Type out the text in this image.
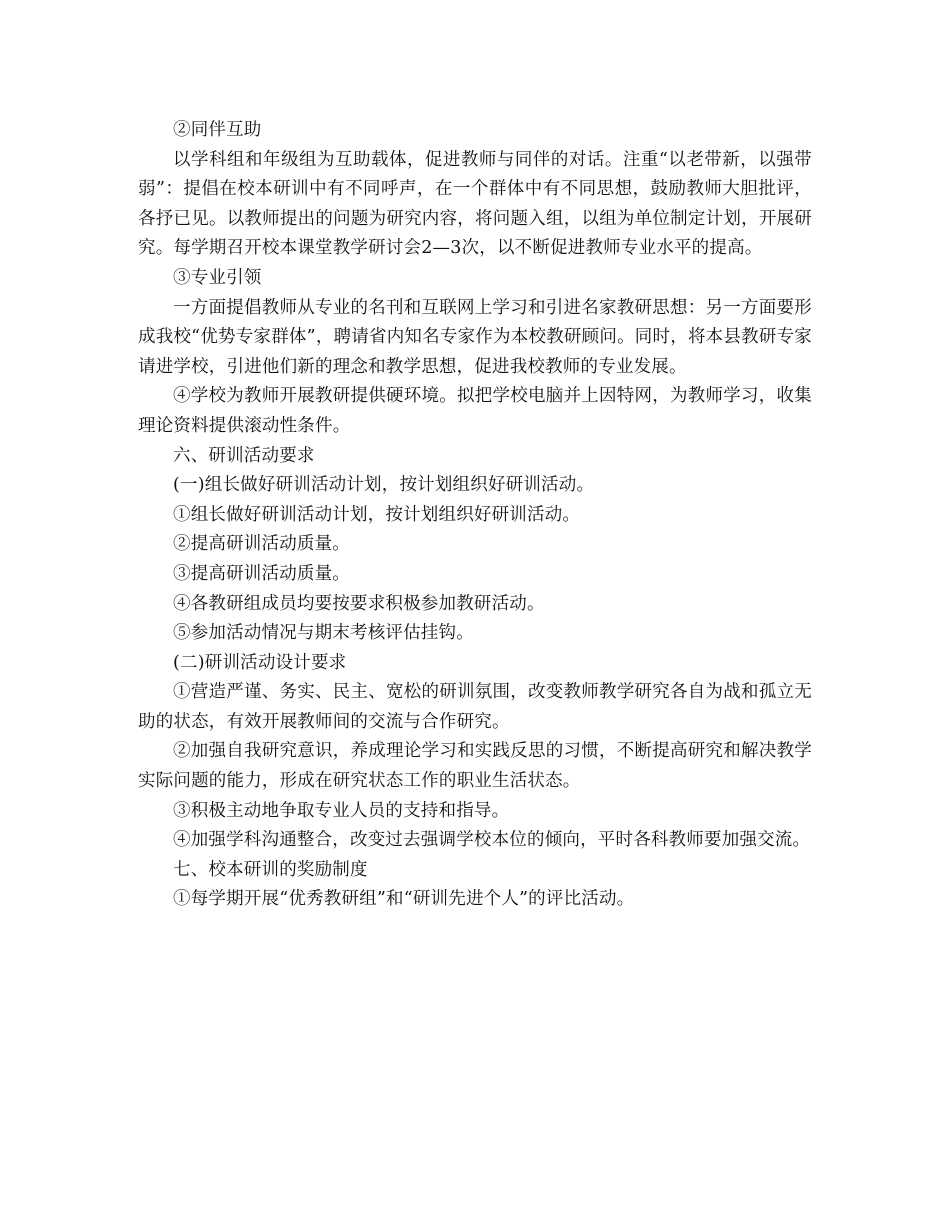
②同伴互助

以学科组和年级组为互助载体，促进教师与同伴的对话。注重“以老带新，以强带弱”：提倡在校本研训中有不同呼声，在一个群体中有不同思想，鼓励教师大胆批评，各抒已见。以教师提出的问题为研究内容，将问题入组，以组为单位制定计划，开展研究。每学期召开校本课堂教学研讨会2—3次，以不断促进教师专业水平的提高。

③专业引领

一方面提倡教师从专业的名刊和互联网上学习和引进名家教研思想：另一方面要形成我校“优势专家群体”，聘请省内知名专家作为本校教研顾问。同时，将本县教研专家请进学校，引进他们新的理念和教学思想，促进我校教师的专业发展。

④学校为教师开展教研提供硬环境。拟把学校电脑并上因特网，为教师学习，收集理论资料提供滚动性条件。

六、研训活动要求

(一)组长做好研训活动计划，按计划组织好研训活动。

①组长做好研训活动计划，按计划组织好研训活动。

②提高研训活动质量。

③提高研训活动质量。

④各教研组成员均要按要求积极参加教研活动。

⑤参加活动情况与期末考核评估挂钩。

(二)研训活动设计要求

①营造严谨、务实、民主、宽松的研训氛围，改变教师教学研究各自为战和孤立无助的状态，有效开展教师间的交流与合作研究。

②加强自我研究意识，养成理论学习和实践反思的习惯，不断提高研究和解决教学实际问题的能力，形成在研究状态工作的职业生活状态。

③积极主动地争取专业人员的支持和指导。

④加强学科沟通整合，改变过去强调学校本位的倾向，平时各科教师要加强交流。

七、校本研训的奖励制度

①每学期开展“优秀教研组”和“研训先进个人”的评比活动。
